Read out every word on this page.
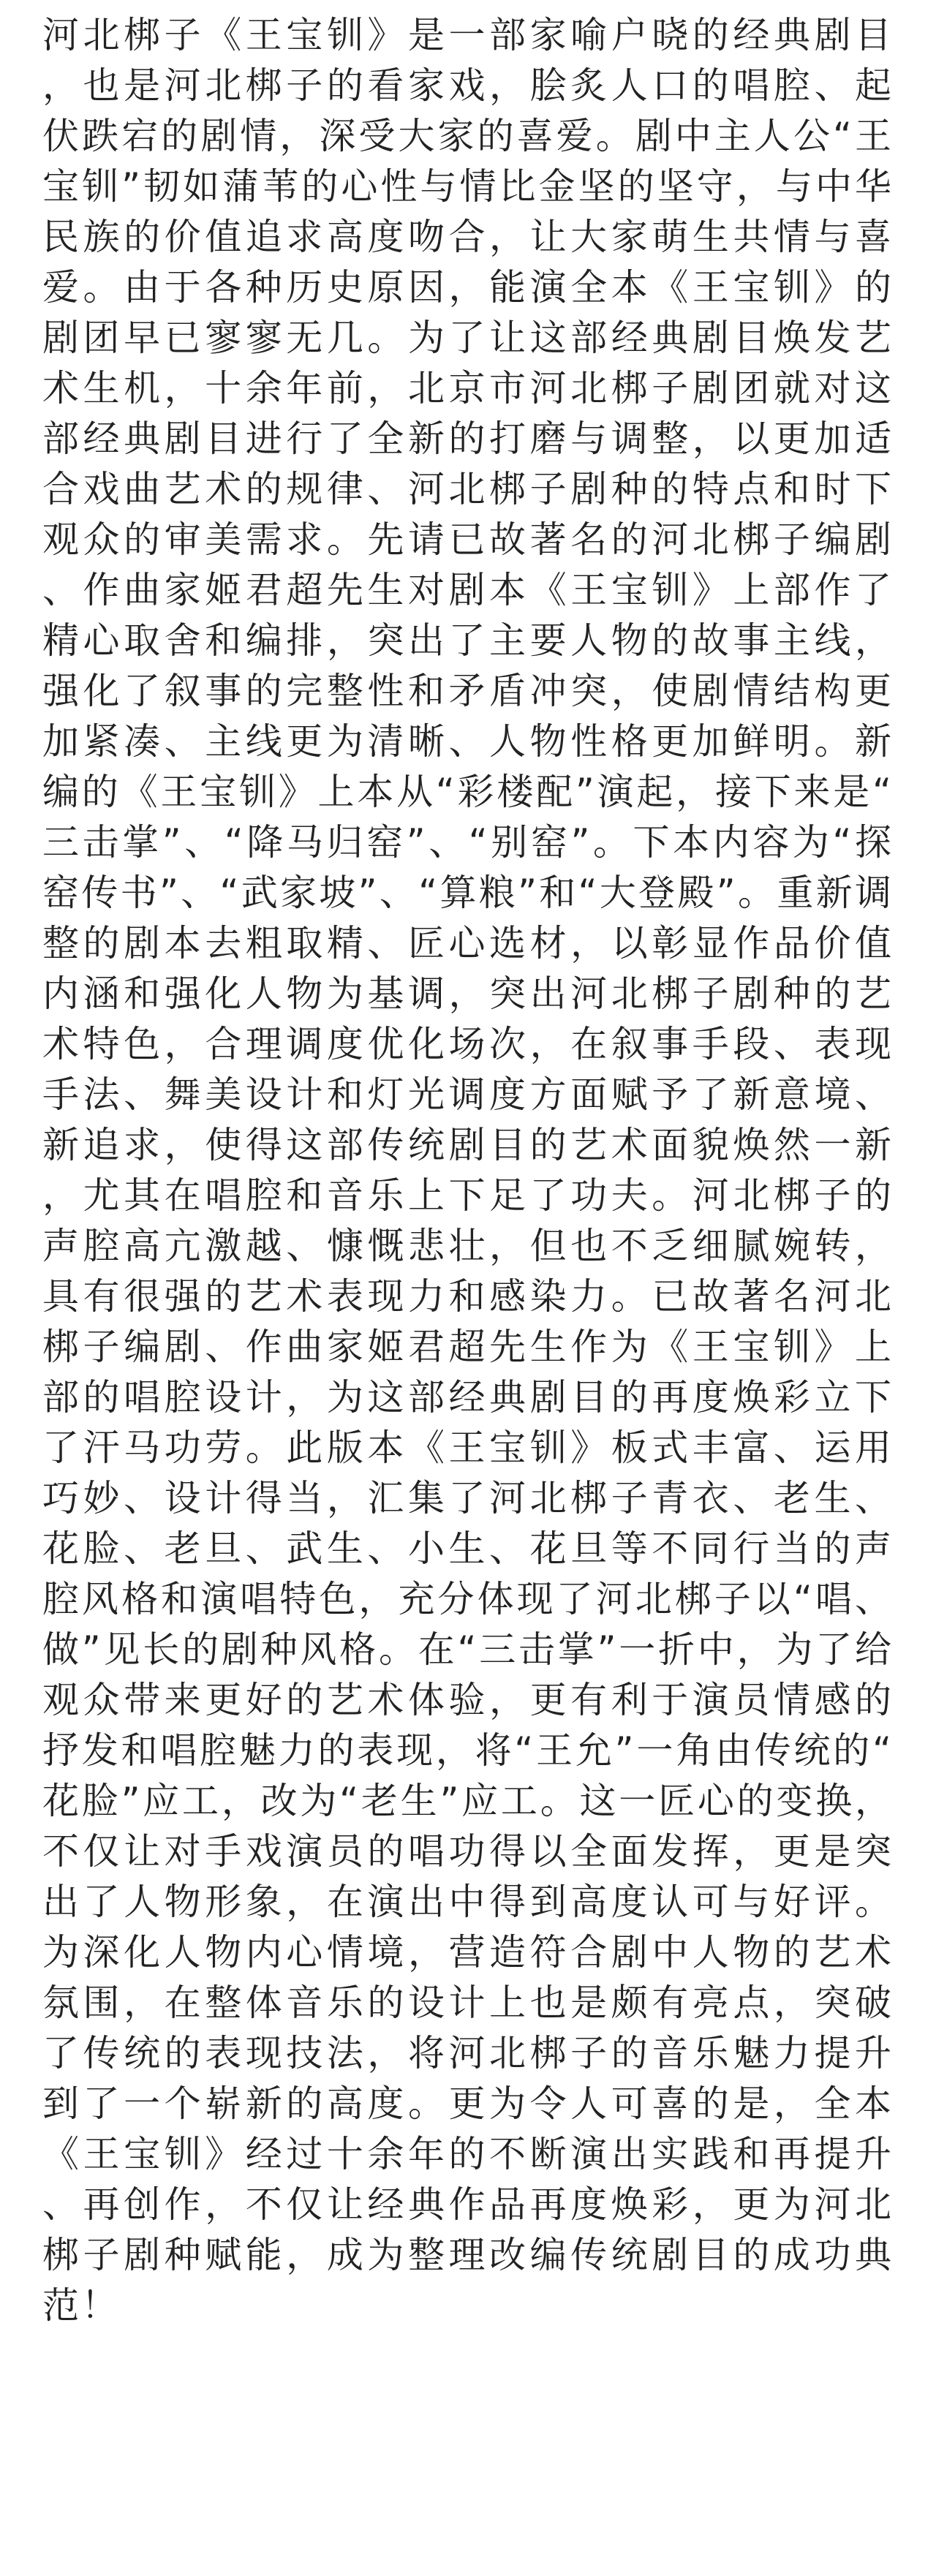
河北梆子《王宝钏》是一部家喻户晓的经典剧目，也是河北梆子的看家戏，脍炙人口的唱腔、起伏跌宕的剧情，深受大家的喜爱。剧中主人公“王宝钏”韧如蒲苇的心性与情比金坚的坚守，与中华民族的价值追求高度吻合，让大家萌生共情与喜爱。由于各种历史原因，能演全本《王宝钏》的剧团早已寥寥无几。为了让这部经典剧目焕发艺术生机，十余年前，北京市河北梆子剧团就对这部经典剧目进行了全新的打磨与调整，以更加适合戏曲艺术的规律、河北梆子剧种的特点和时下观众的审美需求。先请已故著名的河北梆子编剧、作曲家姬君超先生对剧本《王宝钏》上部作了精心取舍和编排，突出了主要人物的故事主线，强化了叙事的完整性和矛盾冲突，使剧情结构更加紧凑、主线更为清晰、人物性格更加鲜明。新编的《王宝钏》上本从“彩楼配”演起，接下来是“三击掌”、“降马归窑”、“别窑”。下本内容为“探窑传书”、“武家坡”、“算粮”和“大登殿”。重新调整的剧本去粗取精、匠心选材，以彰显作品价值内涵和强化人物为基调，突出河北梆子剧种的艺术特色，合理调度优化场次，在叙事手段、表现手法、舞美设计和灯光调度方面赋予了新意境、新追求，使得这部传统剧目的艺术面貌焕然一新，尤其在唱腔和音乐上下足了功夫。河北梆子的声腔高亢激越、慷慨悲壮，但也不乏细腻婉转，具有很强的艺术表现力和感染力。已故著名河北梆子编剧、作曲家姬君超先生作为《王宝钏》上部的唱腔设计，为这部经典剧目的再度焕彩立下了汗马功劳。此版本《王宝钏》板式丰富、运用巧妙、设计得当，汇集了河北梆子青衣、老生、花脸、老旦、武生、小生、花旦等不同行当的声腔风格和演唱特色，充分体现了河北梆子以“唱、做”见长的剧种风格。在“三击掌”一折中，为了给观众带来更好的艺术体验，更有利于演员情感的抒发和唱腔魅力的表现，将“王允”一角由传统的“花脸”应工，改为“老生”应工。这一匠心的变换，不仅让对手戏演员的唱功得以全面发挥，更是突出了人物形象，在演出中得到高度认可与好评。为深化人物内心情境，营造符合剧中人物的艺术氛围，在整体音乐的设计上也是颇有亮点，突破了传统的表现技法，将河北梆子的音乐魅力提升到了一个崭新的高度。更为令人可喜的是，全本《王宝钏》经过十余年的不断演出实践和再提升、再创作，不仅让经典作品再度焕彩，更为河北梆子剧种赋能，成为整理改编传统剧目的成功典范！
